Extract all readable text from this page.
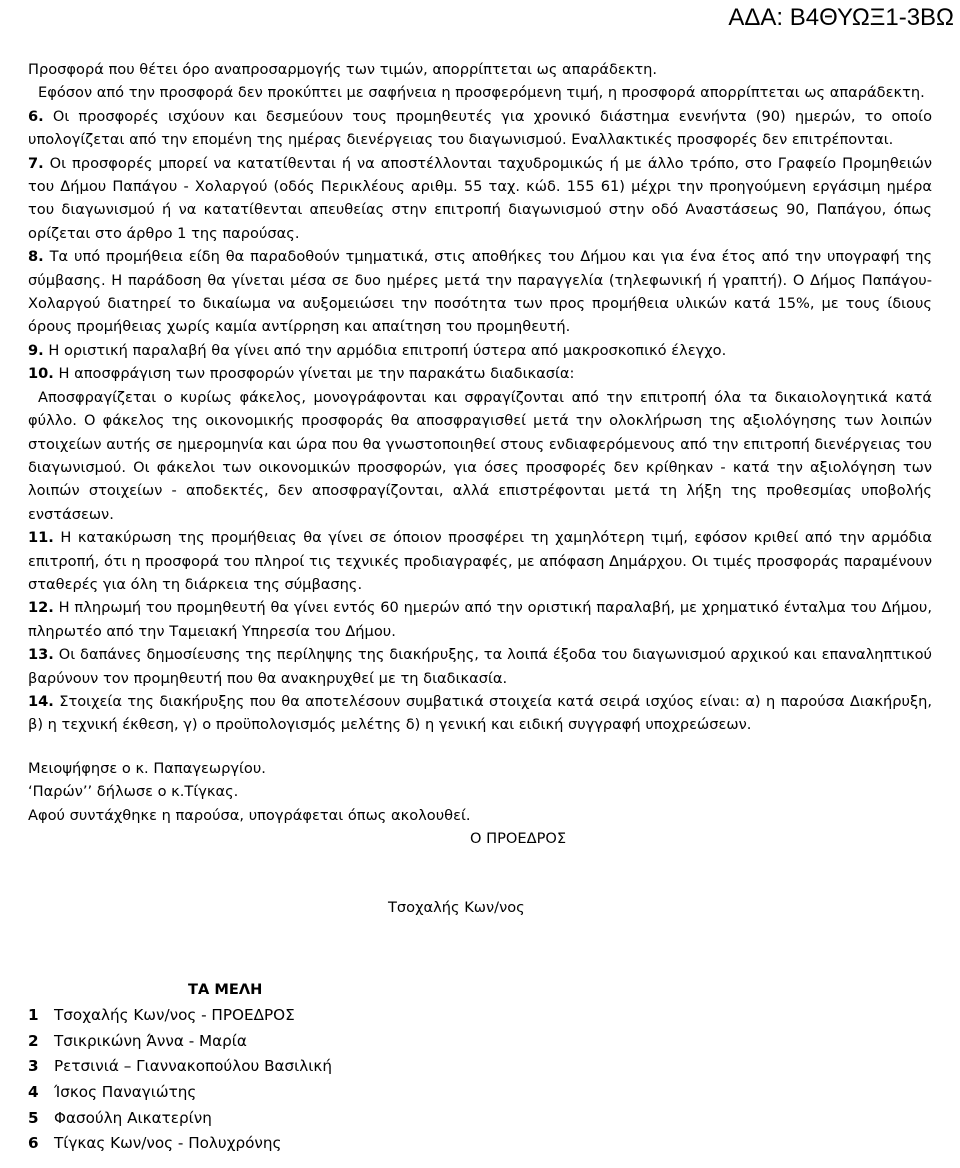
ΑΔΑ: Β4ΘΥΩΞ1-3ΒΩ

Προσφορά που θέτει όρο αναπροσαρμογής των τιμών, απορρίπτεται ως απαράδεκτη.

Εφόσον από την προσφορά δεν προκύπτει με σαφήνεια η προσφερόμενη τιμή, η προσφορά απορρίπτεται ως απαράδεκτη.

6. Οι προσφορές ισχύουν και δεσμεύουν τους προμηθευτές για χρονικό διάστημα ενενήντα (90) ημερών, το οποίο υπολογίζεται από την επομένη της ημέρας διενέργειας του διαγωνισμού. Εναλλακτικές προσφορές δεν επιτρέπονται.

7. Οι προσφορές μπορεί να κατατίθενται ή να αποστέλλονται ταχυδρομικώς ή με άλλο τρόπο, στο Γραφείο Προμηθειών του Δήμου Παπάγου - Χολαργού (οδός Περικλέους αριθμ. 55 ταχ. κώδ. 155 61) μέχρι την προηγούμενη εργάσιμη ημέρα του διαγωνισμού ή να κατατίθενται απευθείας στην επιτροπή διαγωνισμού στην οδό Αναστάσεως 90, Παπάγου, όπως ορίζεται στο άρθρο 1 της παρούσας.

8. Τα υπό προμήθεια είδη θα παραδοθούν τμηματικά, στις αποθήκες του Δήμου και για ένα έτος από την υπογραφή της σύμβασης. Η παράδοση θα γίνεται μέσα σε δυο ημέρες μετά την παραγγελία (τηλεφωνική ή γραπτή). Ο Δήμος Παπάγου-Χολαργού διατηρεί το δικαίωμα να αυξομειώσει την ποσότητα των προς προμήθεια υλικών κατά 15%, με τους ίδιους όρους προμήθειας χωρίς καμία αντίρρηση και απαίτηση του προμηθευτή.

9. Η οριστική παραλαβή θα γίνει από την αρμόδια επιτροπή ύστερα από μακροσκοπικό έλεγχο.

10. Η αποσφράγιση των προσφορών γίνεται με την παρακάτω διαδικασία:

Αποσφραγίζεται ο κυρίως φάκελος, μονογράφονται και σφραγίζονται από την επιτροπή όλα τα δικαιολογητικά κατά φύλλο. Ο φάκελος της οικονομικής προσφοράς θα αποσφραγισθεί μετά την ολοκλήρωση της αξιολόγησης των λοιπών στοιχείων αυτής σε ημερομηνία και ώρα που θα γνωστοποιηθεί στους ενδιαφερόμενους από την επιτροπή διενέργειας του διαγωνισμού. Οι φάκελοι των οικονομικών προσφορών, για όσες προσφορές δεν κρίθηκαν - κατά την αξιολόγηση των λοιπών στοιχείων - αποδεκτές, δεν αποσφραγίζονται, αλλά επιστρέφονται μετά τη λήξη της προθεσμίας υποβολής ενστάσεων.

11. Η κατακύρωση της προμήθειας θα γίνει σε όποιον προσφέρει τη χαμηλότερη τιμή, εφόσον κριθεί από την αρμόδια επιτροπή, ότι η προσφορά του πληροί τις τεχνικές προδιαγραφές, με απόφαση Δημάρχου. Οι τιμές προσφοράς παραμένουν σταθερές για όλη τη διάρκεια της σύμβασης.

12. Η πληρωμή του προμηθευτή θα γίνει εντός 60 ημερών από την οριστική παραλαβή, με χρηματικό ένταλμα του Δήμου, πληρωτέο από την Ταμειακή Υπηρεσία του Δήμου.

13. Οι δαπάνες δημοσίευσης της περίληψης της διακήρυξης, τα λοιπά έξοδα του διαγωνισμού αρχικού και επαναληπτικού βαρύνουν τον προμηθευτή που θα ανακηρυχθεί με τη διαδικασία.

14. Στοιχεία της διακήρυξης που θα αποτελέσουν συμβατικά στοιχεία κατά σειρά ισχύος είναι: α) η παρούσα Διακήρυξη, β) η τεχνική έκθεση, γ) ο προϋπολογισμός μελέτης δ) η γενική και ειδική συγγραφή υποχρεώσεων.

Μειοψήφησε ο κ. Παπαγεωργίου.

‘Παρών’’ δήλωσε ο κ.Τίγκας.

Αφού συντάχθηκε η παρούσα, υπογράφεται όπως ακολουθεί.

Ο ΠΡΟΕΔΡΟΣ

Τσοχαλής Κων/νος

ΤΑ ΜΕΛΗ

1	Τσοχαλής Κων/νος - ΠΡΟΕΔΡΟΣ
2	Τσικρικώνη Άννα - Μαρία
3	Ρετσινιά – Γιαννακοπούλου Βασιλική
4	Ίσκος Παναγιώτης
5	Φασούλη Αικατερίνη
6	Τίγκας Κων/νος - Πολυχρόνης
